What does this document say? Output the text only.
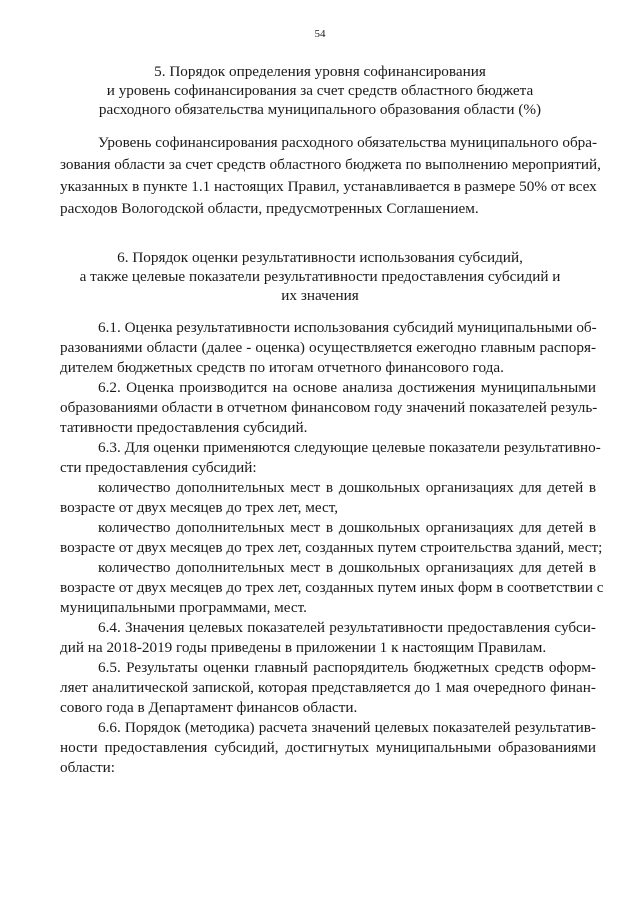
54
5. Порядок определения уровня софинансирования
и уровень софинансирования за счет средств областного бюджета
расходного обязательства муниципального образования области (%)
Уровень софинансирования расходного обязательства муниципального обра-
зования области за счет средств областного бюджета по выполнению мероприятий,
указанных в пункте 1.1 настоящих Правил, устанавливается в размере 50% от всех
расходов Вологодской области, предусмотренных Соглашением.
6. Порядок оценки результативности использования субсидий,
а также целевые показатели результативности предоставления субсидий и
их значения
6.1. Оценка результативности использования субсидий муниципальными об-
разованиями области (далее - оценка) осуществляется ежегодно главным распоря-
дителем бюджетных средств по итогам отчетного финансового года.
6.2. Оценка производится на основе анализа достижения муниципальными
образованиями области в отчетном финансовом году значений показателей резуль-
тативности предоставления субсидий.
6.3. Для оценки применяются следующие целевые показатели результативно-
сти предоставления субсидий:
количество дополнительных мест в дошкольных организациях для детей в
возрасте от двух месяцев до трех лет, мест,
количество дополнительных мест в дошкольных организациях для детей в
возрасте от двух месяцев до трех лет, созданных путем строительства зданий, мест;
количество дополнительных мест в дошкольных организациях для детей в
возрасте от двух месяцев до трех лет, созданных путем иных форм в соответствии с
муниципальными программами, мест.
6.4. Значения целевых показателей результативности предоставления субси-
дий на 2018-2019 годы приведены в приложении 1 к настоящим Правилам.
6.5. Результаты оценки главный распорядитель бюджетных средств оформ-
ляет аналитической запиской, которая представляется до 1 мая очередного финан-
сового года в Департамент финансов области.
6.6. Порядок (методика) расчета значений целевых показателей результатив-
ности предоставления субсидий, достигнутых муниципальными образованиями
области:
